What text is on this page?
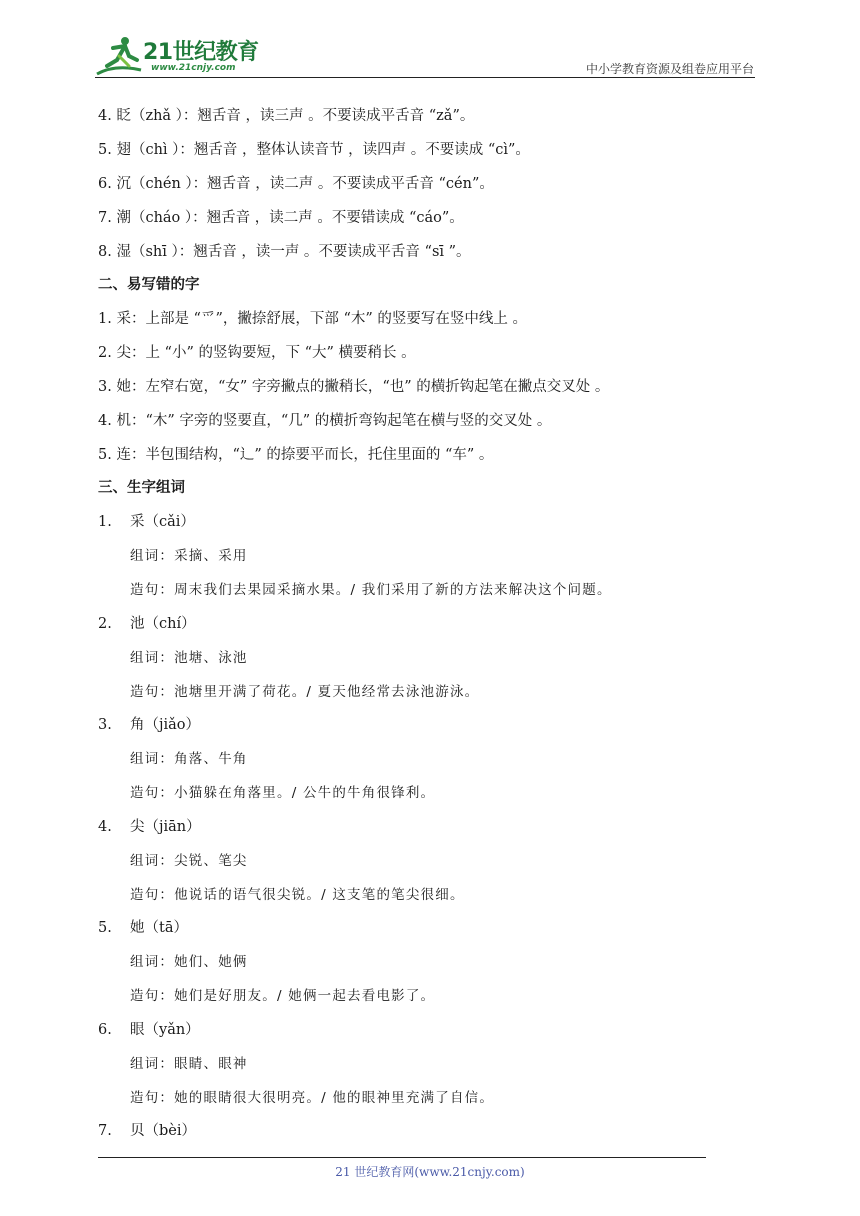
21世纪教育
www.21cnjy.com	中小学教育资源及组卷应用平台
4. 眨（zhǎ ）：翘舌音 ，读三声 。不要读成平舌音 “zǎ”。
5. 翅（chì ）：翘舌音 ，整体认读音节 ，读四声 。不要读成 “cì”。
6. 沉（chén ）：翘舌音 ，读二声 。不要读成平舌音 “cén”。
7. 潮（cháo ）：翘舌音 ，读二声 。不要错读成 “cáo”。
8. 湿（shī ）：翘舌音 ，读一声 。不要读成平舌音 “sī ”。
二、易写错的字
1. 采：上部是 “爫”，撇捺舒展，下部 “木” 的竖要写在竖中线上 。
2. 尖：上 “小” 的竖钩要短，下 “大” 横要稍长 。
3. 她：左窄右宽，“女” 字旁撇点的撇稍长，“也” 的横折钩起笔在撇点交叉处 。
4. 机：“木” 字旁的竖要直，“几” 的横折弯钩起笔在横与竖的交叉处 。
5. 连：半包围结构，“辶” 的捺要平而长，托住里面的 “车” 。
三、生字组词
1. 采（cǎi）
组词：采摘、采用
造句：周末我们去果园采摘水果。/ 我们采用了新的方法来解决这个问题。
2. 池（chí）
组词：池塘、泳池
造句：池塘里开满了荷花。/ 夏天他经常去泳池游泳。
3. 角（jiǎo）
组词：角落、牛角
造句：小猫躲在角落里。/ 公牛的牛角很锋利。
4. 尖（jiān）
组词：尖锐、笔尖
造句：他说话的语气很尖锐。/ 这支笔的笔尖很细。
5. 她（tā）
组词：她们、她俩
造句：她们是好朋友。/ 她俩一起去看电影了。
6. 眼（yǎn）
组词：眼睛、眼神
造句：她的眼睛很大很明亮。/ 他的眼神里充满了自信。
7. 贝（bèi）
21 世纪教育网(www.21cnjy.com)
